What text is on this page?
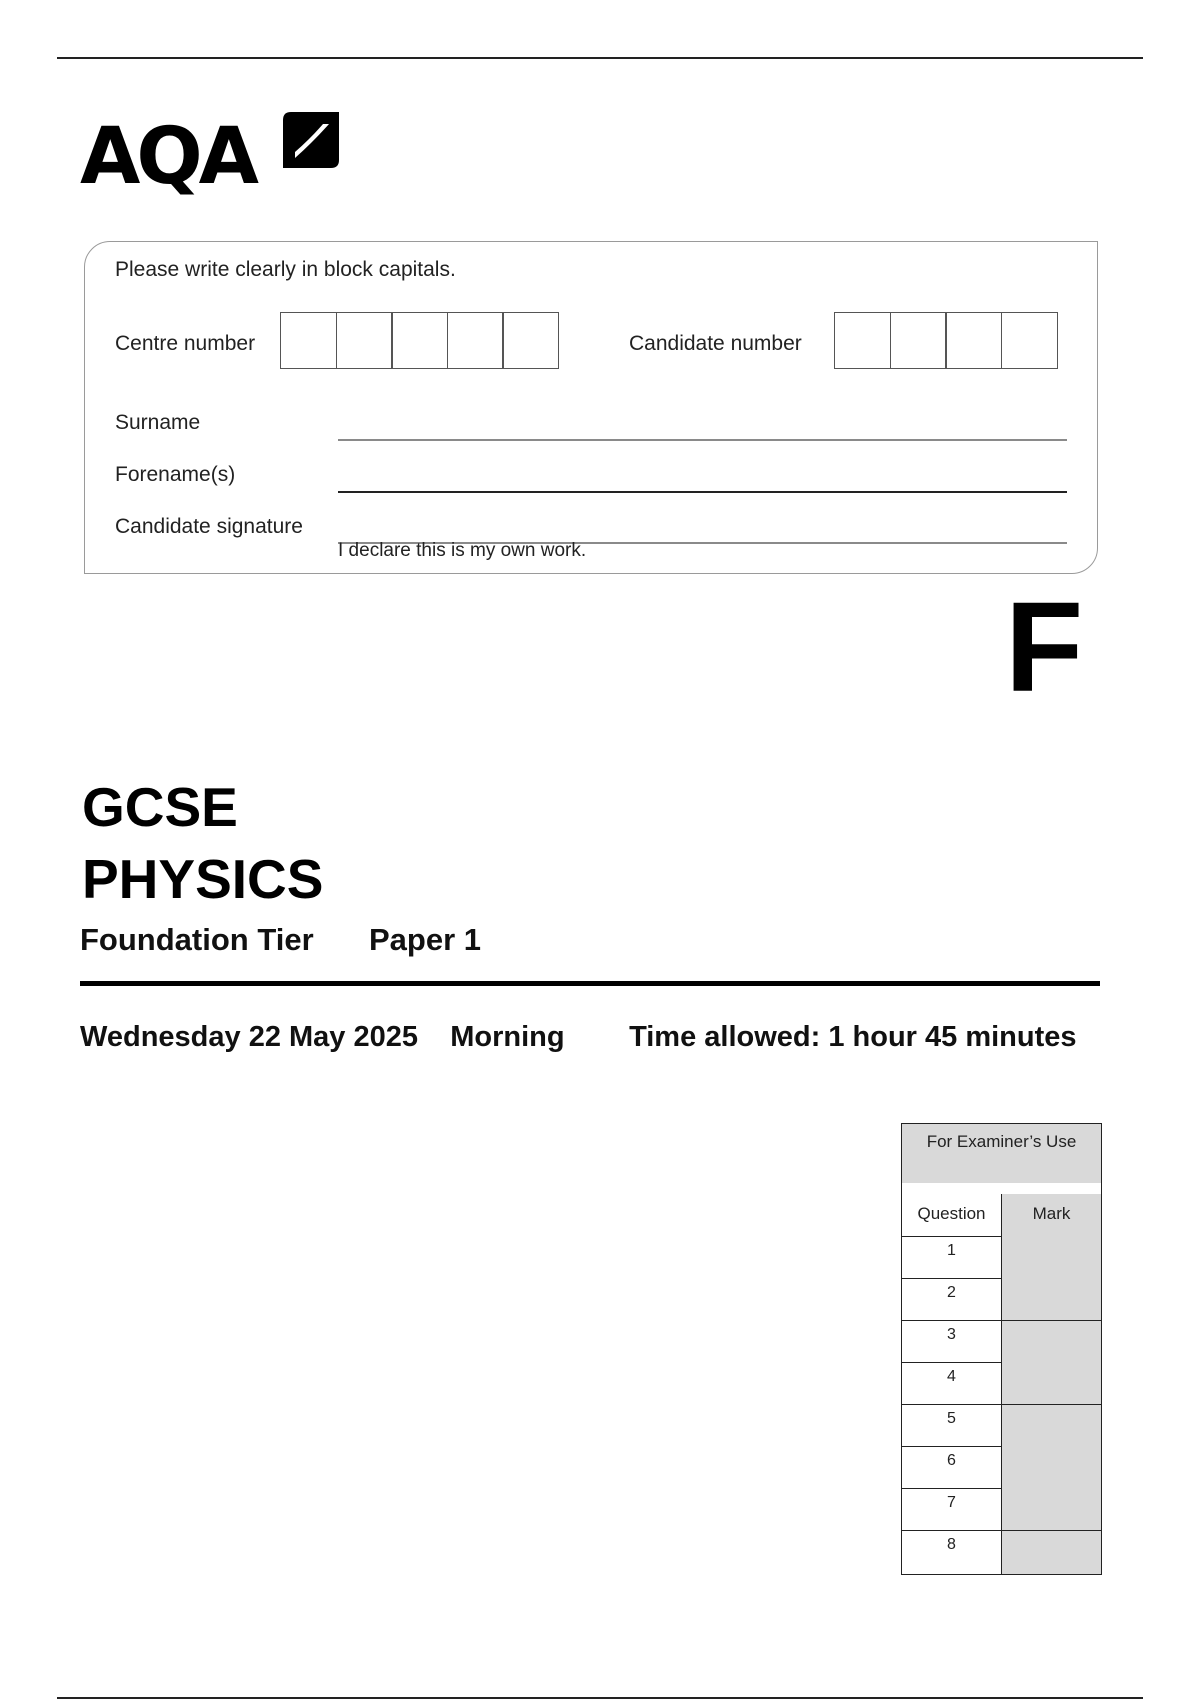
AQA
Please write clearly in block capitals.
Centre number	Candidate number
Surname
Forename(s)
Candidate signature
I declare this is my own work.
F
GCSE
PHYSICS
Foundation Tier Paper 1
Wednesday 22 May 2025 Morning Time allowed: 1 hour 45 minutes
For Examiner’s Use
Question	Mark
1
2
3
4
5
6
7
8
